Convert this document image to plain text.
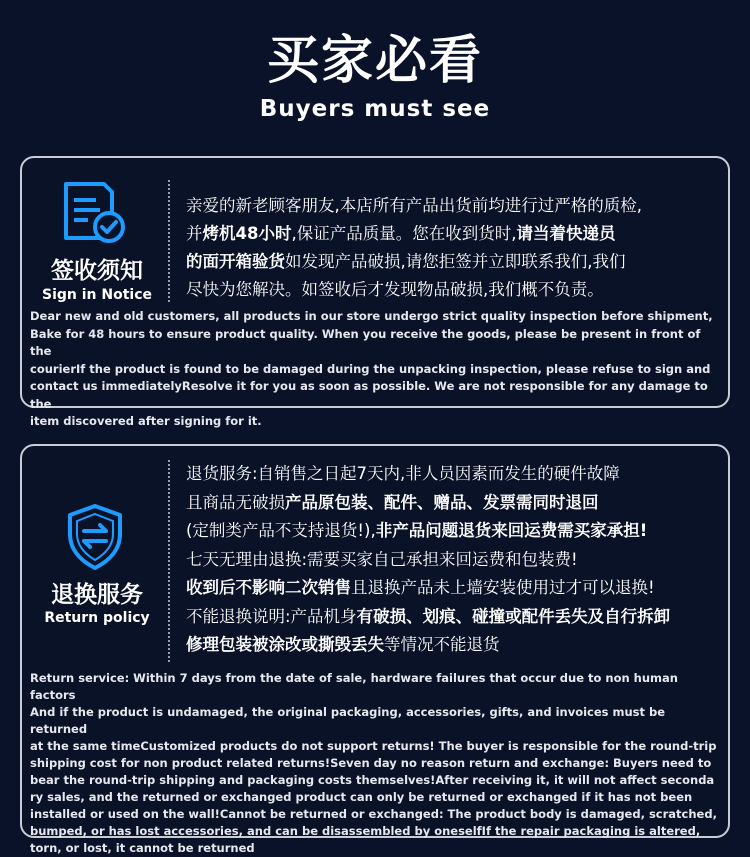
买家必看
Buyers must see
签收须知
Sign in Notice
亲爱的新老顾客朋友,本店所有产品出货前均进行过严格的质检,
并烤机48小时,保证产品质量。您在收到货时,请当着快递员
的面开箱验货如发现产品破损,请您拒签并立即联系我们,我们
尽快为您解决。如签收后才发现物品破损,我们概不负责。
Dear new and old customers, all products in our store undergo strict quality inspection before shipment,
Bake for 48 hours to ensure product quality. When you receive the goods, please be present in front of the
courierIf the product is found to be damaged during the unpacking inspection, please refuse to sign and
contact us immediatelyResolve it for you as soon as possible. We are not responsible for any damage to the
item discovered after signing for it.
退换服务
Return policy
退货服务:自销售之日起7天内,非人员因素而发生的硬件故障
且商品无破损产品原包装、配件、赠品、发票需同时退回
(定制类产品不支持退货!),非产品问题退货来回运费需买家承担!
七天无理由退换:需要买家自己承担来回运费和包装费!
收到后不影响二次销售且退换产品未上墙安装使用过才可以退换!
不能退换说明:产品机身有破损、划痕、碰撞或配件丢失及自行拆卸
修理包装被涂改或撕毁丢失等情况不能退货
Return service: Within 7 days from the date of sale, hardware failures that occur due to non human factors
And if the product is undamaged, the original packaging, accessories, gifts, and invoices must be returned
at the same timeCustomized products do not support returns! The buyer is responsible for the round-trip
shipping cost for non product related returns!Seven day no reason return and exchange: Buyers need to
bear the round-trip shipping and packaging costs themselves!After receiving it, it will not affect seconda
ry sales, and the returned or exchanged product can only be returned or exchanged if it has not been
installed or used on the wall!Cannot be returned or exchanged: The product body is damaged, scratched,
bumped, or has lost accessories, and can be disassembled by oneselfIf the repair packaging is altered,
torn, or lost, it cannot be returned
